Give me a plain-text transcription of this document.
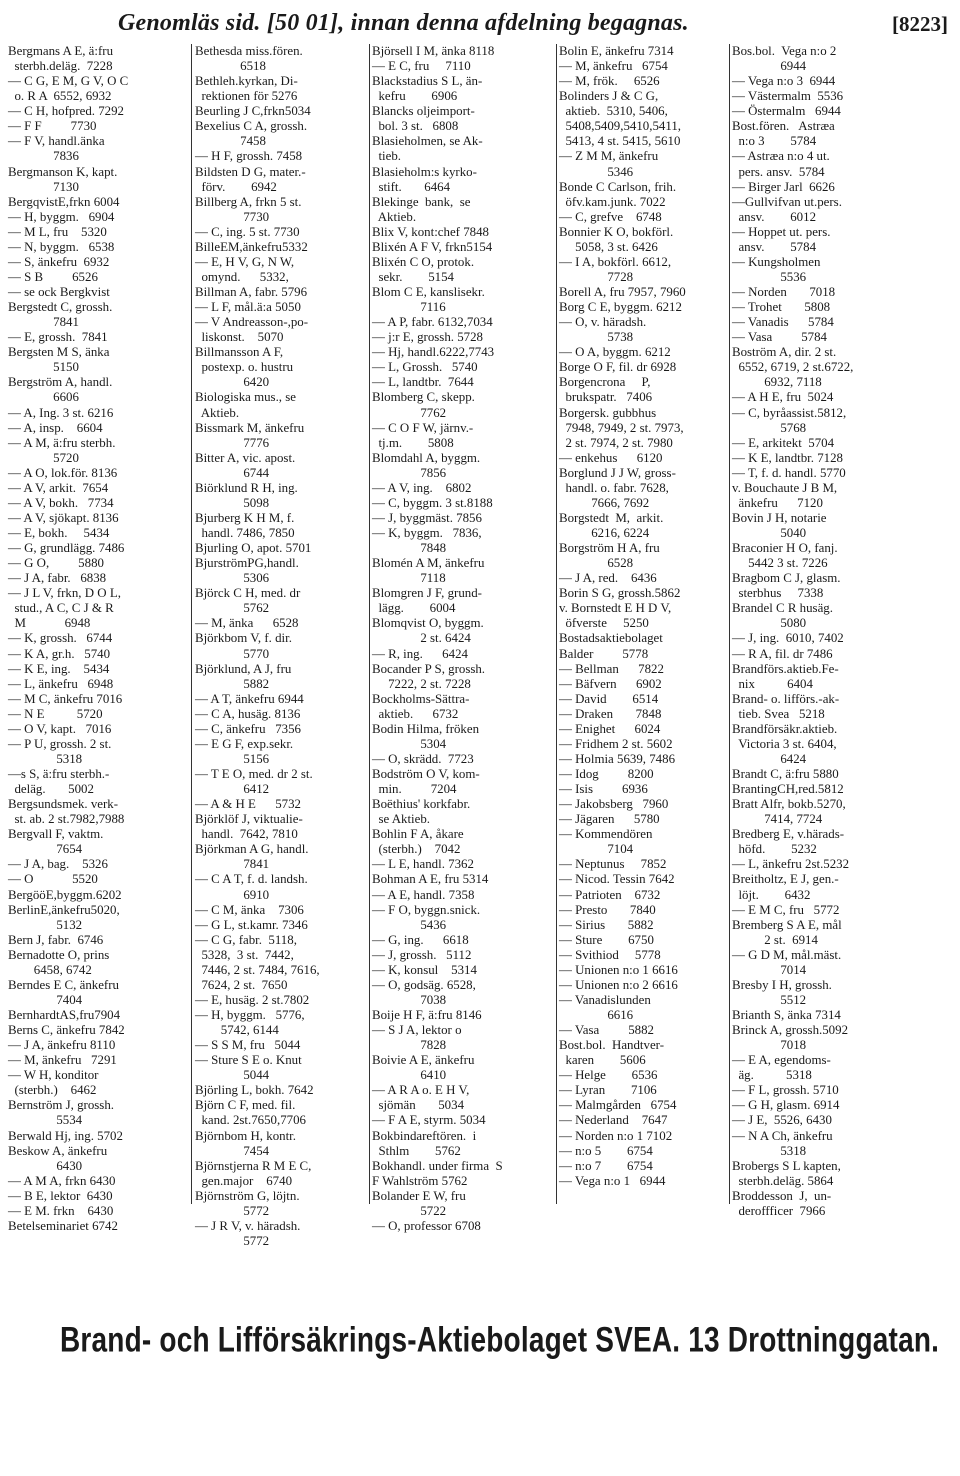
Genomläs sid. [50 01], innan denna afdelning begagnas.	[8223]
Bergmans A E, ä:fru
sterbh.deläg.  7228
— C G, E M, G V, O C
o. R A  6552, 6932
— C H, hofpred. 7292
— F F         7730
— F V, handl.änka
7836
Bergmanson K, kapt.
7130
BergqvistE,frkn 6004
— H, byggm.   6904
— M L, fru    5320
— N, byggm.   6538
— S, änkefru  6932
— S B         6526
— se ock Bergkvist
Bergstedt C, grossh.
7841
— E, grossh.  7841
Bergsten M S, änka
5150
Bergström A, handl.
6606
— A, Ing. 3 st. 6216
— A, insp.    6604
— A M, ä:fru sterbh.
5720
— A O, lok.för. 8136
— A V, arkit.  7654
— A V, bokh.   7734
— A V, sjökapt. 8136
— E, bokh.     5434
— G, grundlägg. 7486
— G O,         5880
— J A, fabr.   6838
— J L V, frkn, D O L,
stud., A C, C J & R
M            6948
— K, grossh.   6744
— K A, gr.h.   5740
— K E, ing.    5434
— L, änkefru   6948
— M C, änkefru 7016
— N E          5720
— O V, kapt.   7016
— P U, grossh. 2 st.
5318
—s S, ä:fru sterbh.-
deläg.       5002
Bergsundsmek. verk-
st. ab. 2 st.7982,7988
Bergvall F, vaktm.
7654
— J A, bag.    5326
— O            5520
BergööE,byggm.6202
BerlinE,änkefru5020,
5132
Bern J, fabr.  6746
Bernadotte O, prins
6458, 6742
Berndes E C, änkefru
7404
BernhardtAS,fru7904
Berns C, änkefru 7842
— J A, änkefru 8110
— M, änkefru   7291
— W H, konditor
(sterbh.)    6462
Bernström J, grossh.
5534
Berwald Hj, ing. 5702
Beskow A, änkefru
6430
— A M A, frkn 6430
— B E, lektor  6430
— E M. frkn    6430
Betelseminariet 6742
Bethesda miss.fören.
6518
Bethleh.kyrkan, Di-
rektionen för 5276
Beurling J C,frkn5034
Bexelius C A, grossh.
7458
— H F, grossh. 7458
Bildsten D G, mater.-
förv.        6942
Billberg A, frkn 5 st.
7730
— C, ing. 5 st. 7730
BilleEM,änkefru5332
— E, H V, G, N W,
omynd.      5332,
Billman A, fabr. 5796
— L F, mål.ä:a 5050
— V Andreasson-,po-
liskonst.    5070
Billmansson A F,
postexp. o. hustru
6420
Biologiska mus., se
Aktieb.
Bissmark M, änkefru
7776
Bitter A, vic. apost.
6744
Biörklund R H, ing.
5098
Bjurberg K H M, f.
handl. 7486, 7850
Bjurling O, apot. 5701
BjurströmPG,handl.
5306
Björck C H, med. dr
5762
— M, änka      6528
Björkbom V, f. dir.
5770
Björklund, A J, fru
5882
— A T, änkefru 6944
— C A, husäg. 8136
— C, änkefru   7356
— E G F, exp.sekr.
5156
— T E O, med. dr 2 st.
6412
— A & H E      5732
Björklöf J, viktualie-
handl.  7642, 7810
Björkman A G, handl.
7841
— C A T, f. d. landsh.
6910
— C M, änka    7306
— G L, st.kamr. 7346
— C G, fabr.  5118,
5328,  3 st.  7442,
7446, 2 st. 7484, 7616,
7624, 2 st.  7650
— E, husäg. 2 st.7802
— H, byggm.   5776,
5742, 6144
— S S M, fru   5044
— Sture S E o. Knut
5044
Björling L, bokh. 7642
Björn C F, med. fil.
kand. 2st.7650,7706
Björnbom H, kontr.
7454
Björnstjerna R M E C,
gen.major    6740
Björnström G, löjtn.
5772
— J R V, v. häradsh.
5772
Björsell I M, änka 8118
— E C, fru     7110
Blackstadius S L, än-
kefru        6906
Blancks oljeimport-
bol. 3 st.   6808
Blasieholmen, se Ak-
tieb.
Blasieholm:s kyrko-
stift.       6464
Blekinge  bank,  se
Aktieb.
Blix V, kont:chef 7848
Blixén A F V, frkn5154
Blixén C O, protok.
sekr.        5154
Blom C E, kanslisekr.
7116
— A P, fabr. 6132,7034
— j:r E, grossh. 5728
— Hj, handl.6222,7743
— L, Grossh.   5740
— L, landtbr.  7644
Blomberg C, skepp.
7762
— C O F W, järnv.-
tj.m.        5808
Blomdahl A, byggm.
7856
— A V, ing.    6802
— C, byggm. 3 st.8188
— J, byggmäst. 7856
— K, byggm.   7836,
7848
Blomén A M, änkefru
7118
Blomgren J F, grund-
lägg.        6004
Blomqvist O, byggm.
2 st. 6424
— R, ing.      6424
Bocander P S, grossh.
7222, 2 st. 7228
Bockholms-Sättra-
aktieb.      6732
Bodin Hilma, fröken
5304
— O, skrädd.  7723
Bodström O V, kom-
min.         7204
Boëthius' korkfabr.
se Aktieb.
Bohlin F A, åkare
(sterbh.)    7042
— L E, handl. 7362
Bohman A E, fru 5314
— A E, handl. 7358
— F O, byggn.snick.
5436
— G, ing.      6618
— J, grossh.   5112
— K, konsul    5314
— O, godsäg. 6528,
7038
Boije H F, ä:fru 8146
— S J A, lektor o
7828
Boivie A E, änkefru
6410
— A R A o. E H V,
sjömän       5034
— F A E, styrm. 5034
Bokbindareftören.  i
Sthlm        5762
Bokhandl. under firma  S
F Wahlström 5762
Bolander E W, fru
5722
— O, professor 6708
Bolin E, änkefru 7314
— M, änkefru   6754
— M, frök.     6526
Bolinders J & C G,
aktieb.  5310, 5406,
5408,5409,5410,5411,
5413, 4 st. 5415, 5610
— Z M M, änkefru
5346
Bonde C Carlson, frih.
öfv.kam.junk. 7022
— C, grefve    6748
Bonnier K O, bokförl.
5058, 3 st. 6426
— I A, bokförl. 6612,
7728
Borell A, fru 7957, 7960
Borg C E, byggm. 6212
— O, v. häradsh.
5738
— O A, byggm. 6212
Borge O F, fil. dr 6928
Borgencrona     P,
brukspatr.   7406
Borgersk. gubbhus
7948, 7949, 2 st. 7973,
2 st. 7974, 2 st. 7980
— enkehus      6120
Borglund J J W, gross-
handl. o. fabr. 7628,
7666, 7692
Borgstedt  M,  arkit.
6216, 6224
Borgström H A, fru
6528
— J A, red.    6436
Borin S G, grossh.5862
v. Bornstedt E H D V,
öfverste     5250
Bostadsaktiebolaget
Balder         5778
— Bellman      7822
— Bäfvern      6902
— David        6514
— Draken       7848
— Enighet      6024
— Fridhem 2 st. 5602
— Holmia 5639, 7486
— Idog         8200
— Isis         6936
— Jakobsberg   7960
— Jägaren      5780
— Kommendören
7104
— Neptunus     7852
— Nicod. Tessin 7642
— Patrioten    6732
— Presto       7840
— Sirius       5882
— Sture        6750
— Svithiod     5778
— Unionen n:o 1 6616
— Unionen n:o 2 6616
— Vanadislunden
6616
— Vasa         5882
Bost.bol.  Handtver-
karen        5606
— Helge        6536
— Lyran        7106
— Malmgården   6754
— Nederland    7647
— Norden n:o 1 7102
— n:o 5        6754
— n:o 7        6754
— Vega n:o 1   6944
Bos.bol.  Vega n:o 2
6944
— Vega n:o 3  6944
— Västermalm  5536
— Östermalm   6944
Bost.fören.   Astræa
n:o 3        5784
— Astræa n:o 4 ut.
pers. ansv.  5784
— Birger Jarl  6626
—Gullvifvan ut.pers.
ansv.        6012
— Hoppet ut. pers.
ansv.        5784
— Kungsholmen
5536
— Norden       7018
— Trohet       5808
— Vanadis      5784
— Vasa         5784
Boström A, dir. 2 st.
6552, 6719, 2 st.6722,
6932, 7118
— A H E, fru  5024
— C, byråassist.5812,
5768
— E, arkitekt  5704
— K E, landtbr. 7128
— T, f. d. handl. 5770
v. Bouchaute J B M,
änkefru      7120
Bovin J H, notarie
5040
Braconier H O, fanj.
5442 3 st. 7226
Bragbom C J, glasm.
sterbhus     7338
Brandel C R husäg.
5080
— J, ing.  6010, 7402
— R A, fil. dr 7486
Brandförs.aktieb.Fe-
nix          6404
Brand- o. lifförs.-ak-
tieb. Svea   5218
Brandförsäkr.aktieb.
Victoria 3 st. 6404,
6424
Brandt C, ä:fru 5880
BrantingCH,red.5812
Bratt Alfr, bokb.5270,
7414, 7724
Bredberg E, v.härads-
höfd.        5232
— L, änkefru 2st.5232
Breitholtz, E J, gen.-
löjt.        6432
— E M C, fru   5772
Bremberg S A E, mål
2 st.  6914
— G D M, mål.mäst.
7014
Bresby I H, grossh.
5512
Brianth S, änka 7314
Brinck A, grossh.5092
7018
— E A, egendoms-
äg.          5318
— F L, grossh. 5710
— G H, glasm. 6914
— J E,  5526, 6430
— N A Ch, änkefru
5318
Brobergs S L kapten,
sterbh.deläg. 5864
Broddesson  J,  un-
deroffficer  7966
Brand- och Lifförsäkrings-Aktiebolaget SVEA. 13 Drottninggatan.
